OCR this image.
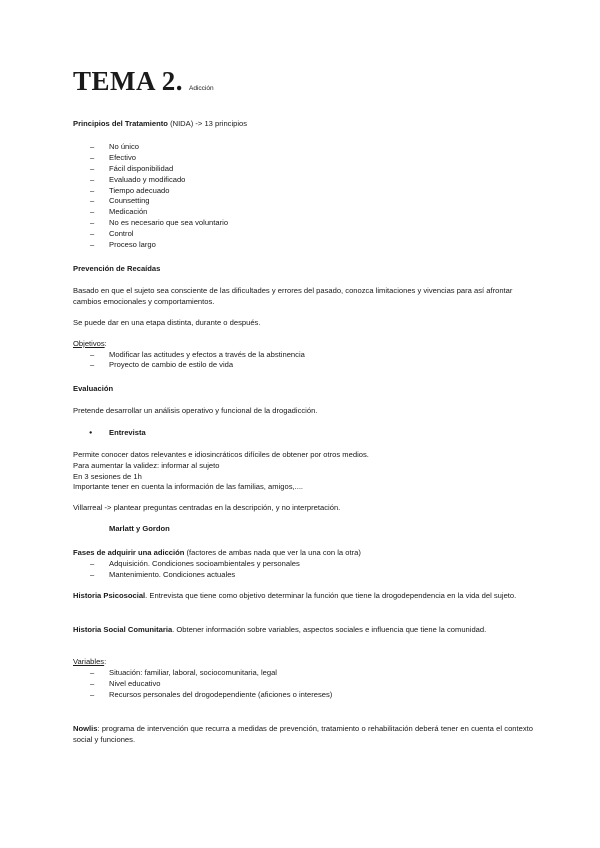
TEMA 2. Adicción

Principios del Tratamiento (NIDA) -> 13 principios

– No único
– Efectivo
– Fácil disponibilidad
– Evaluado y modificado
– Tiempo adecuado
– Counsetting
– Medicación
– No es necesario que sea voluntario
– Control
– Proceso largo

Prevención de Recaídas

Basado en que el sujeto sea consciente de las dificultades y errores del pasado, conozca limitaciones y vivencias para así afrontar cambios emocionales y comportamientos.

Se puede dar en una etapa distinta, durante o después.

Objetivos:

– Modificar las actitudes y efectos a través de la abstinencia
– Proyecto de cambio de estilo de vida

Evaluación

Pretende desarrollar un análisis operativo y funcional de la drogadicción.

● Entrevista

Permite conocer datos relevantes e idiosincráticos difíciles de obtener por otros medios.

Para aumentar la validez: informar al sujeto

En 3 sesiones de 1h

Importante tener en cuenta la información de las familias, amigos,....

Villarreal -> plantear preguntas centradas en la descripción, y no interpretación.

Marlatt y Gordon

Fases de adquirir una adicción (factores de ambas nada que ver la una con la otra)

– Adquisición. Condiciones socioambientales y personales
– Mantenimiento. Condiciones actuales

Historia Psicosocial. Entrevista que tiene como objetivo determinar la función que tiene la drogodependencia en la vida del sujeto.

Historia Social Comunitaria. Obtener información sobre variables, aspectos sociales e influencia que tiene la comunidad.

Variables:

– Situación: familiar, laboral, sociocomunitaria, legal
– Nivel educativo
– Recursos personales del drogodependiente (aficiones o intereses)

Nowlis: programa de intervención que recurra a medidas de prevención, tratamiento o rehabilitación deberá tener en cuenta el contexto social y funciones.
